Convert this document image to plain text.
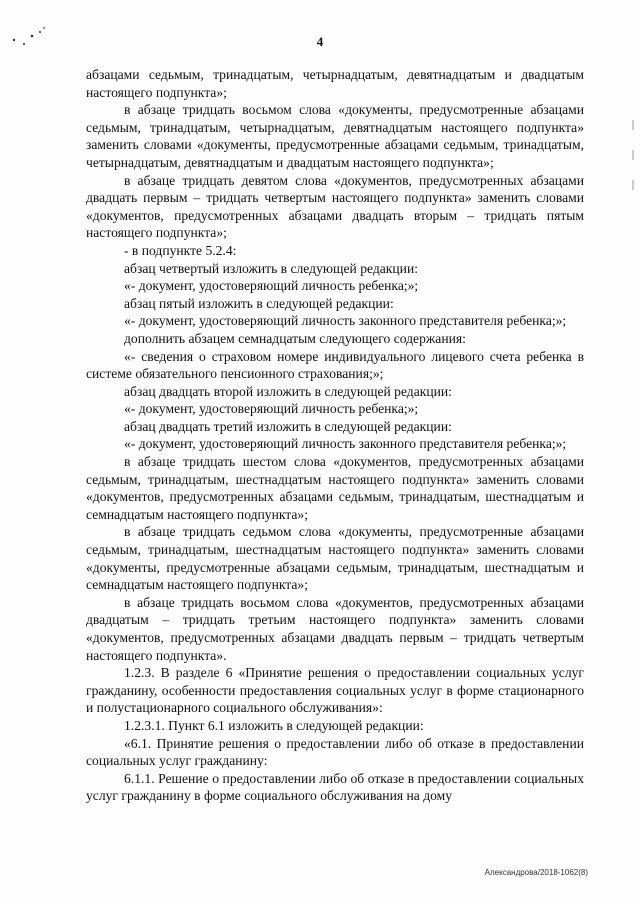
4

абзацами седьмым, тринадцатым, четырнадцатым, девятнадцатым и двадцатым настоящего подпункта»;

в абзаце тридцать восьмом слова «документы, предусмотренные абзацами седьмым, тринадцатым, четырнадцатым, девятнадцатым настоящего подпункта» заменить словами «документы, предусмотренные абзацами седьмым, тринадцатым, четырнадцатым, девятнадцатым и двадцатым настоящего подпункта»;

в абзаце тридцать девятом слова «документов, предусмотренных абзацами двадцать первым – тридцать четвертым настоящего подпункта» заменить словами «документов, предусмотренных абзацами двадцать вторым – тридцать пятым настоящего подпункта»;

- в подпункте 5.2.4:

абзац четвертый изложить в следующей редакции:

«- документ, удостоверяющий личность ребенка;»;

абзац пятый изложить в следующей редакции:

«- документ, удостоверяющий личность законного представителя ребенка;»;

дополнить абзацем семнадцатым следующего содержания:

«- сведения о страховом номере индивидуального лицевого счета ребенка в системе обязательного пенсионного страхования;»;

абзац двадцать второй изложить в следующей редакции:

«- документ, удостоверяющий личность ребенка;»;

абзац двадцать третий изложить в следующей редакции:

«- документ, удостоверяющий личность законного представителя ребенка;»;

в абзаце тридцать шестом слова «документов, предусмотренных абзацами седьмым, тринадцатым, шестнадцатым настоящего подпункта» заменить словами «документов, предусмотренных абзацами седьмым, тринадцатым, шестнадцатым и семнадцатым настоящего подпункта»;

в абзаце тридцать седьмом слова «документы, предусмотренные абзацами седьмым, тринадцатым, шестнадцатым настоящего подпункта» заменить словами «документы, предусмотренные абзацами седьмым, тринадцатым, шестнадцатым и семнадцатым настоящего подпункта»;

в абзаце тридцать восьмом слова «документов, предусмотренных абзацами двадцатым – тридцать третьим настоящего подпункта» заменить словами «документов, предусмотренных абзацами двадцать первым – тридцать четвертым настоящего подпункта».

1.2.3. В разделе 6 «Принятие решения о предоставлении социальных услуг гражданину, особенности предоставления социальных услуг в форме стационарного и полустационарного социального обслуживания»:

1.2.3.1. Пункт 6.1 изложить в следующей редакции:

«6.1. Принятие решения о предоставлении либо об отказе в предоставлении социальных услуг гражданину:

6.1.1. Решение о предоставлении либо об отказе в предоставлении социальных услуг гражданину в форме социального обслуживания на дому

Александрова/2018-1062(8)
